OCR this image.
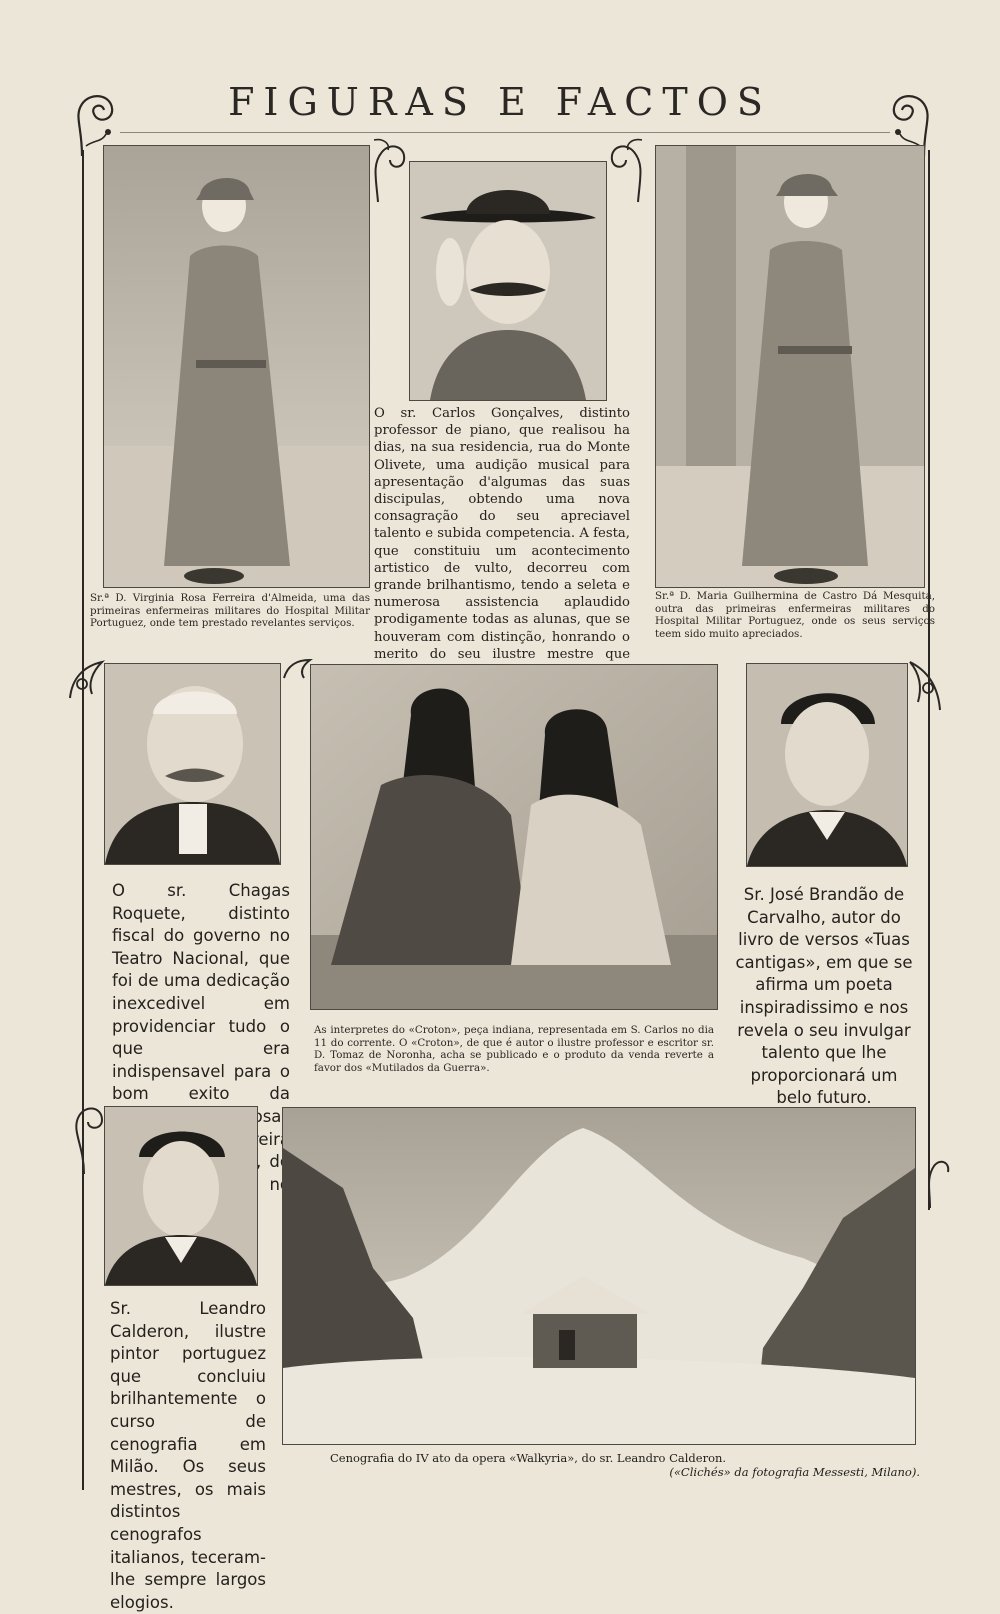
FIGURAS E FACTOS

Sr.ª D. Virginia Rosa Ferreira d'Almeida, uma das primeiras enfermeiras militares do Hospital Militar Portuguez, onde tem prestado revelantes serviços.

O sr. Carlos Gonçalves, distinto professor de piano, que realisou ha dias, na sua residencia, rua do Monte Olivete, uma audição musical para apresentação d'algumas das suas discipulas, obtendo uma nova consagração do seu apreciavel talento e subida competencia. A festa, que constituiu um acontecimento artistico de vulto, decorreu com grande brilhantismo, tendo a seleta e numerosa assistencia aplaudido prodigamente todas as alunas, que se houveram com distinção, honrando o merito do seu ilustre mestre que

Sr.ª D. Maria Guilhermina de Castro Dá Mesquita, outra das primeiras enfermeiras militares do Hospital Militar Portuguez, onde os seus serviços teem sido muito apreciados.

O sr. Chagas Roquete, distinto fiscal do governo no Teatro Nacional, que foi de uma dedicação inexcedivel em providenciar tudo o que era indispensavel para o bom exito da rosas Moreira do no

As interpretes do «Croton», peça indiana, representada em S. Carlos no dia 11 do corrente. O «Croton», de que é autor o ilustre professor e escritor sr. D. Tomaz de Noronha, acha se publicado e o produto da venda reverte a favor dos «Mutilados da Guerra».

Sr. José Brandão de Carvalho, autor do livro de versos «Tuas cantigas», em que se afirma um poeta inspiradissimo e nos revela o seu invulgar talento que lhe proporcionará um belo futuro.

Sr. Leandro Calderon, ilustre pintor portuguez que concluiu brilhantemente o curso de cenografia em Milão. Os seus mestres, os mais distintos cenografos italianos, teceram-lhe sempre largos elogios.

Cenografia do IV ato da opera «Walkyria», do sr. Leandro Calderon.

(«Clichés» da fotografia Messesti, Milano).
